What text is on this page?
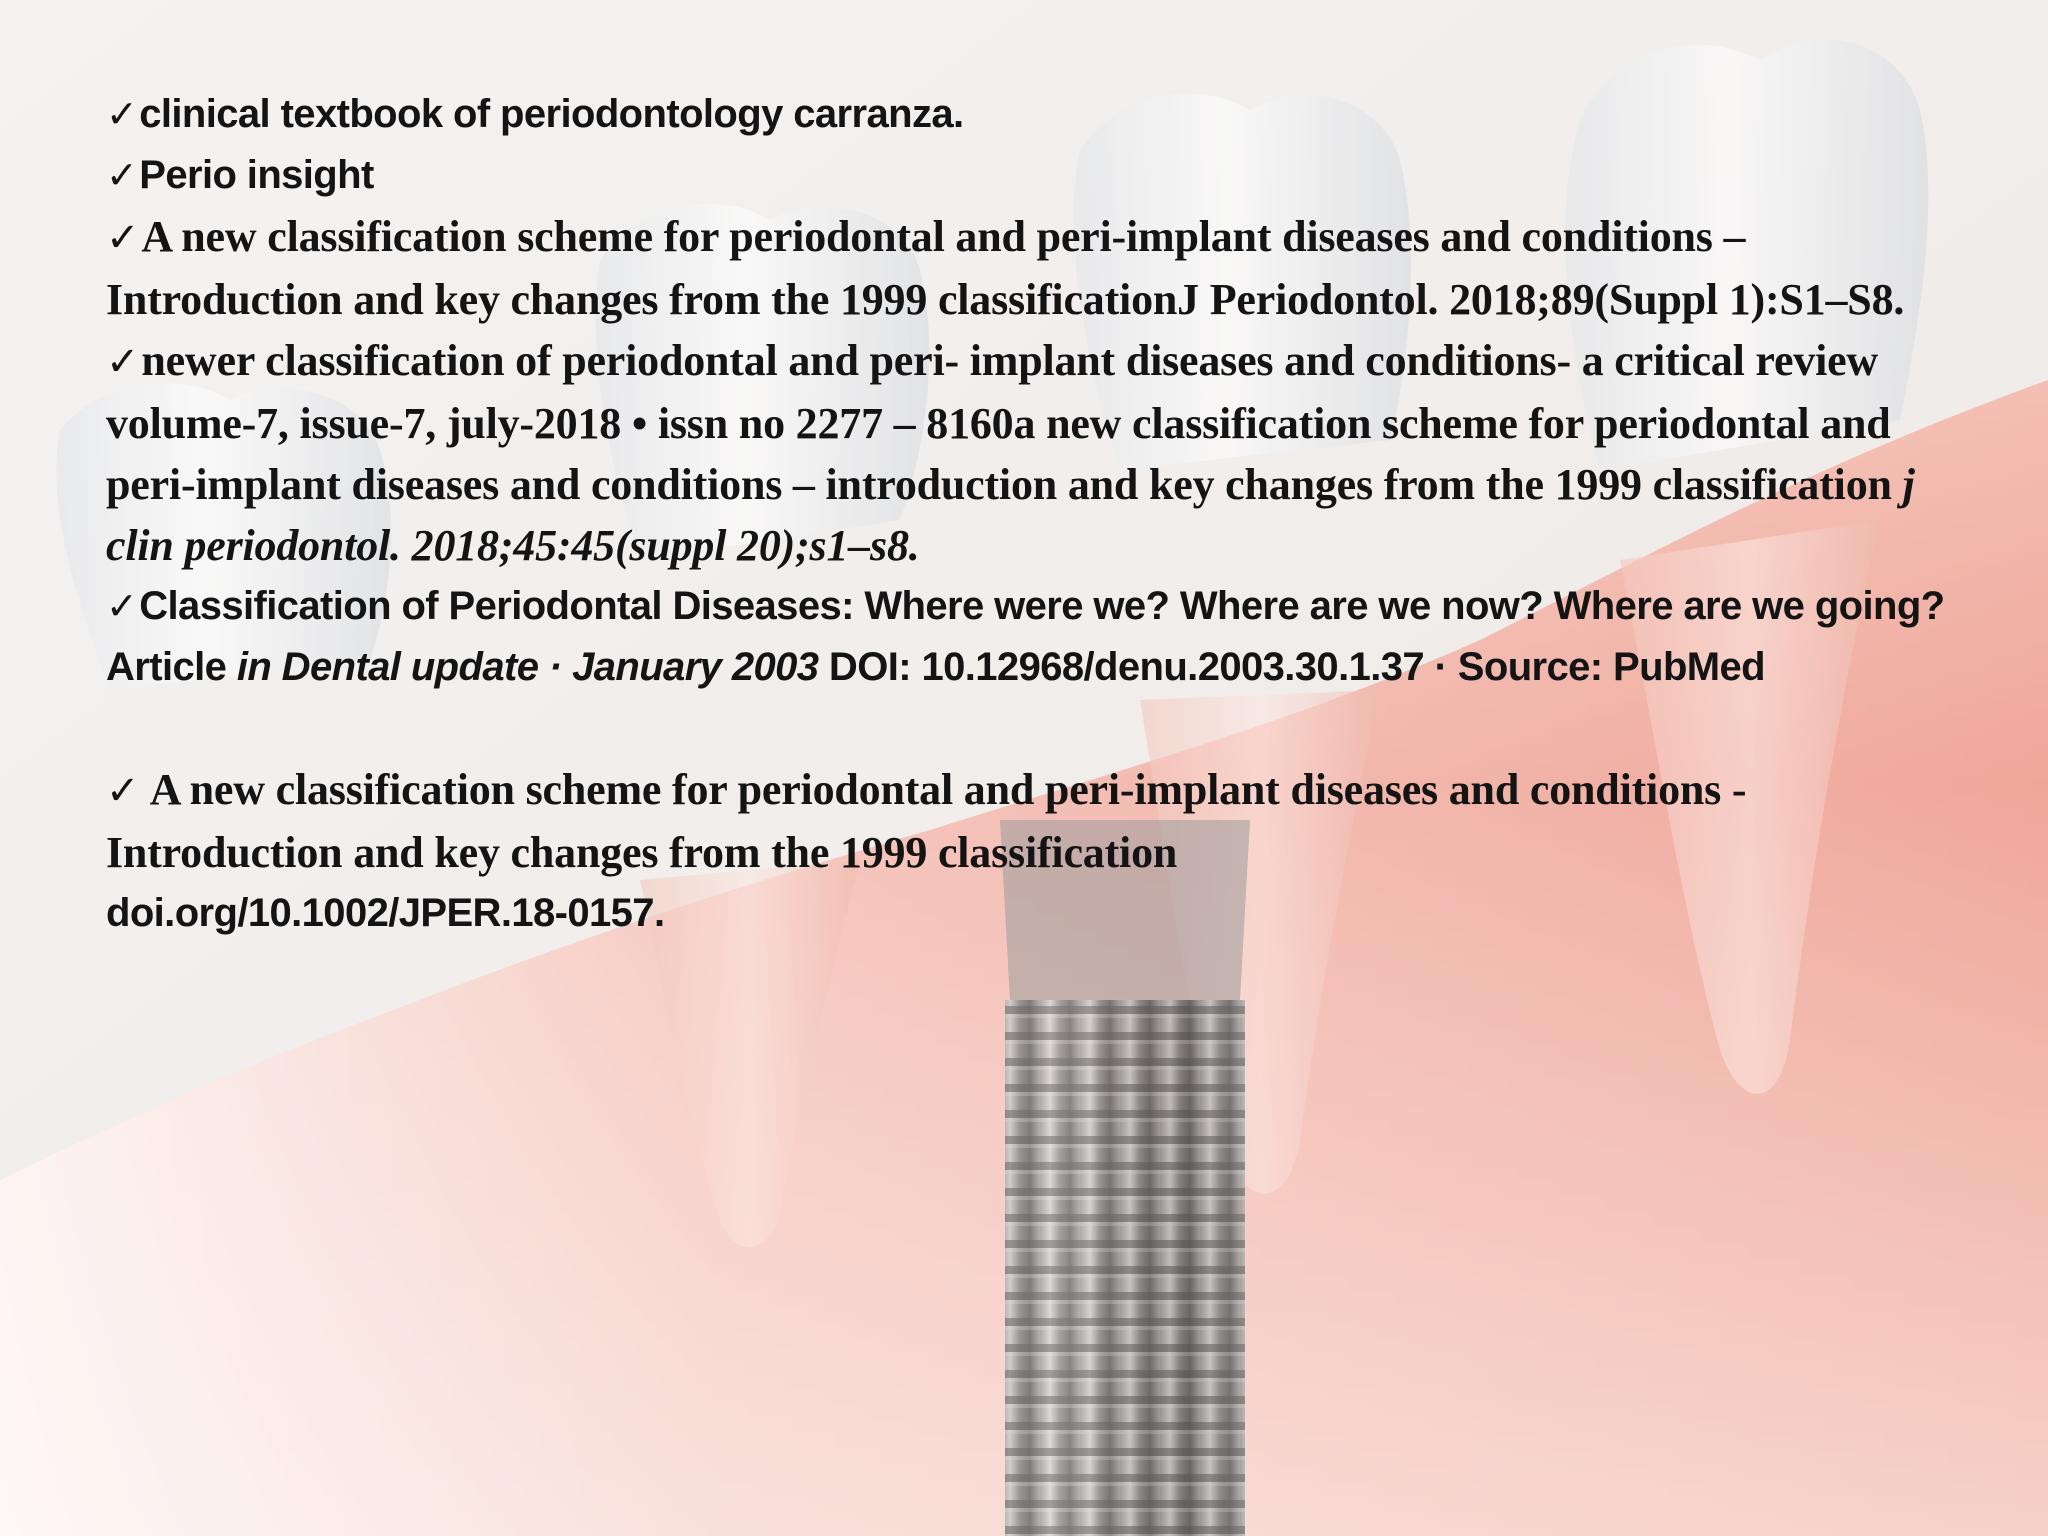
✓clinical textbook of periodontology carranza.

✓Perio insight

✓A new classification scheme for periodontal and peri-implant diseases and conditions – Introduction and key changes from the 1999 classificationJ Periodontol. 2018;89(Suppl 1):S1–S8.

✓newer classification of periodontal and peri- implant diseases and conditions- a critical review volume-7, issue-7, july-2018 • issn no 2277 – 8160a new classification scheme for periodontal and peri-implant diseases and conditions – introduction and key changes from the 1999 classification j clin periodontol. 2018;45:45(suppl 20);s1–s8.

✓Classification of Periodontal Diseases: Where were we? Where are we now? Where are we going? Article in Dental update · January 2003 DOI: 10.12968/denu.2003.30.1.37 · Source: PubMed

✓ A new classification scheme for periodontal and peri-implant diseases and conditions - Introduction and key changes from the 1999 classification

doi.org/10.1002/JPER.18-0157.
